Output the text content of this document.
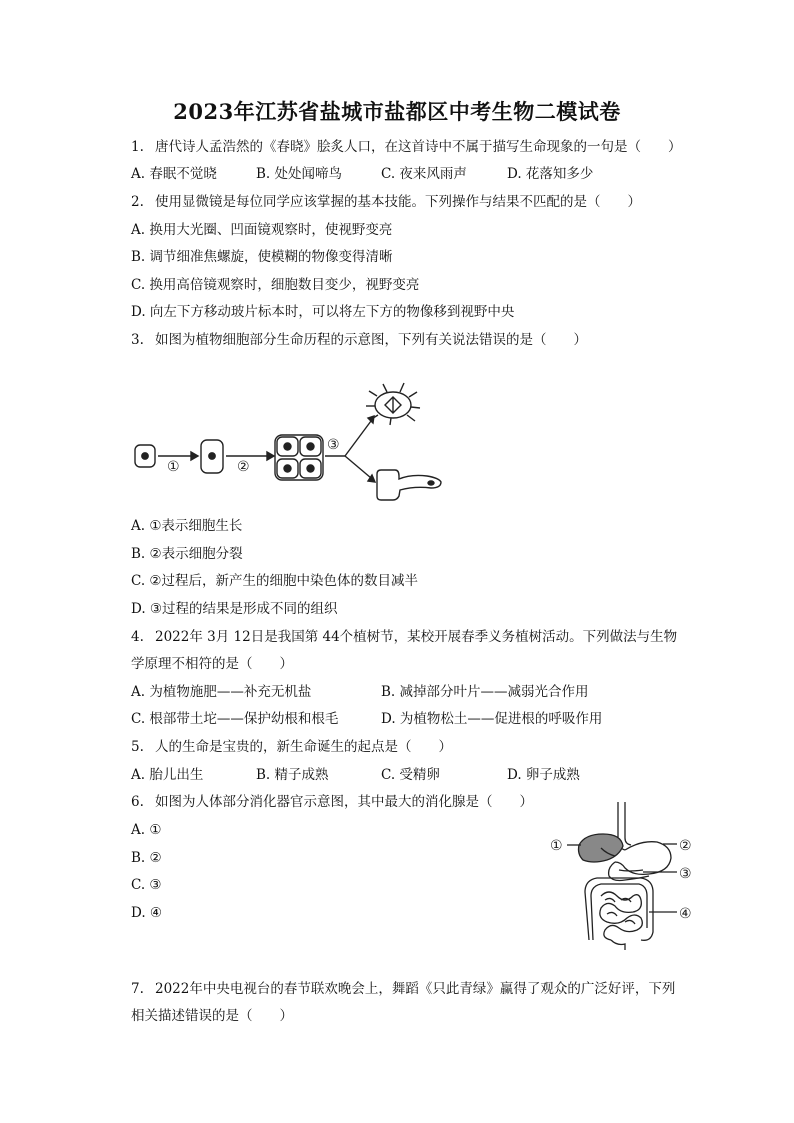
2023年江苏省盐城市盐都区中考生物二模试卷
1. 唐代诗人孟浩然的《春晓》脍炙人口，在这首诗中不属于描写生命现象的一句是（　　）
A. 春眠不觉晓	B. 处处闻啼鸟	C. 夜来风雨声	D. 花落知多少
2. 使用显微镜是每位同学应该掌握的基本技能。下列操作与结果不匹配的是（　　）
A. 换用大光圈、凹面镜观察时，使视野变亮
B. 调节细准焦螺旋，使模糊的物像变得清晰
C. 换用高倍镜观察时，细胞数目变少，视野变亮
D. 向左下方移动玻片标本时，可以将左下方的物像移到视野中央
3. 如图为植物细胞部分生命历程的示意图，下列有关说法错误的是（　　）
①	②
③
A. ①表示细胞生长
B. ②表示细胞分裂
C. ②过程后，新产生的细胞中染色体的数目减半
D. ③过程的结果是形成不同的组织
4. 2022年 3月 12日是我国第 44个植树节，某校开展春季义务植树活动。下列做法与生物
学原理不相符的是（　　）
A. 为植物施肥——补充无机盐	B. 减掉部分叶片——减弱光合作用
C. 根部带土坨——保护幼根和根毛	D. 为植物松土——促进根的呼吸作用
5. 人的生命是宝贵的，新生命诞生的起点是（　　）
A. 胎儿出生	B. 精子成熟	C. 受精卵	D. 卵子成熟
6. 如图为人体部分消化器官示意图，其中最大的消化腺是（　　）
A. ①
B. ②
C. ③
D. ④
①	②
③
④
7. 2022年中央电视台的春节联欢晚会上，舞蹈《只此青绿》赢得了观众的广泛好评，下列
相关描述错误的是（　　）
